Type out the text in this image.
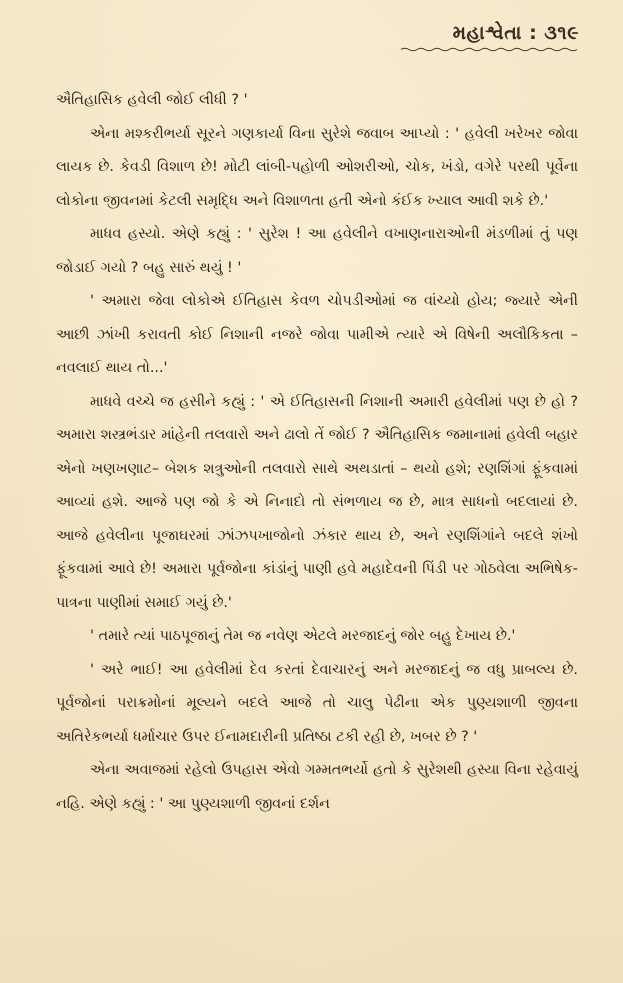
મહાશ્વેતા : ૩૧૯

ઐતિહાસિક હવેલી જોઈ લીધી ? '

એના મશ્કરીભર્યા સૂરને ગણકાર્યા વિના સુરેશે જવાબ આપ્યો : ' હવેલી ખરેખર જોવા લાયક છે. કેવડી વિશાળ છે! મોટી લાંબી-પહોળી ઓશરીઓ, ચોક, ખંડો, વગેરે પરથી પૂર્વેના લોકોના જીવનમાં કેટલી સમૃદ્ધિ અને વિશાળતા હતી એનો કંઈક ખ્યાલ આવી શકે છે.'

માધવ હસ્યો. એણે કહ્યું : ' સુરેશ ! આ હવેલીને વખાણનારાઓની મંડળીમાં તું પણ જોડાઈ ગયો ? બહુ સારું થયું ! '

' અમારા જેવા લોકોએ ઈતિહાસ કેવળ ચોપડીઓમાં જ વાંચ્યો હોય; જ્યારે એની આછી ઝાંખી કરાવતી કોઈ નિશાની નજરે જોવા પામીએ ત્યારે એ વિષેની અલૌકિકતા – નવલાઈ થાય તો...'

માધવે વચ્ચે જ હસીને કહ્યું : ' એ ઈતિહાસની નિશાની અમારી હવેલીમાં પણ છે હો ? અમારા શસ્ત્રભંડાર માંહેની તલવારો અને ઢાલો તેં જોઈ ? ઐતિહાસિક જમાનામાં હવેલી બહાર એનો ખણખણાટ– બેશક શત્રુઓની તલવારો સાથે અથડાતાં – થયો હશે; રણશિંગાં ફૂંકવામાં આવ્યાં હશે. આજે પણ જો કે એ નિનાદો તો સંભળાય જ છે, માત્ર સાધનો બદલાયાં છે. આજે હવેલીના પૂજાઘરમાં ઝાંઝપખાજોનો ઝંકાર થાય છે, અને રણશિંગાંને બદલે શંખો ફૂંકવામાં આવે છે! અમારા પૂર્વજોના કાંડાંનું પાણી હવે મહાદેવની પિંડી પર ગોઠવેલા અભિષેક-પાત્રના પાણીમાં સમાઈ ગયું છે.'

' તમારે ત્યાં પાઠપૂજાનું તેમ જ નવેણ એટલે મરજાદનું જોર બહુ દેખાય છે.'

' અરે ભાઈ! આ હવેલીમાં દેવ કરતાં દેવાચારનું અને મરજાદનું જ વધુ પ્રાબલ્ય છે. પૂર્વજોનાં પરાક્રમોનાં મૂલ્યને બદલે આજે તો ચાલુ પેઢીના એક પુણ્યશાળી જીવના અતિરેકભર્યા ધર્માચાર ઉપર ઈનામદારીની પ્રતિષ્ઠા ટકી રહી છે, ખબર છે ? '

એના અવાજમાં રહેલો ઉપહાસ એવો ગમ્મતભર્યો હતો કે સુરેશથી હસ્યા વિના રહેવાયું નહિ. એણે કહ્યું : ' આ પુણ્યશાળી જીવનાં દર્શન
